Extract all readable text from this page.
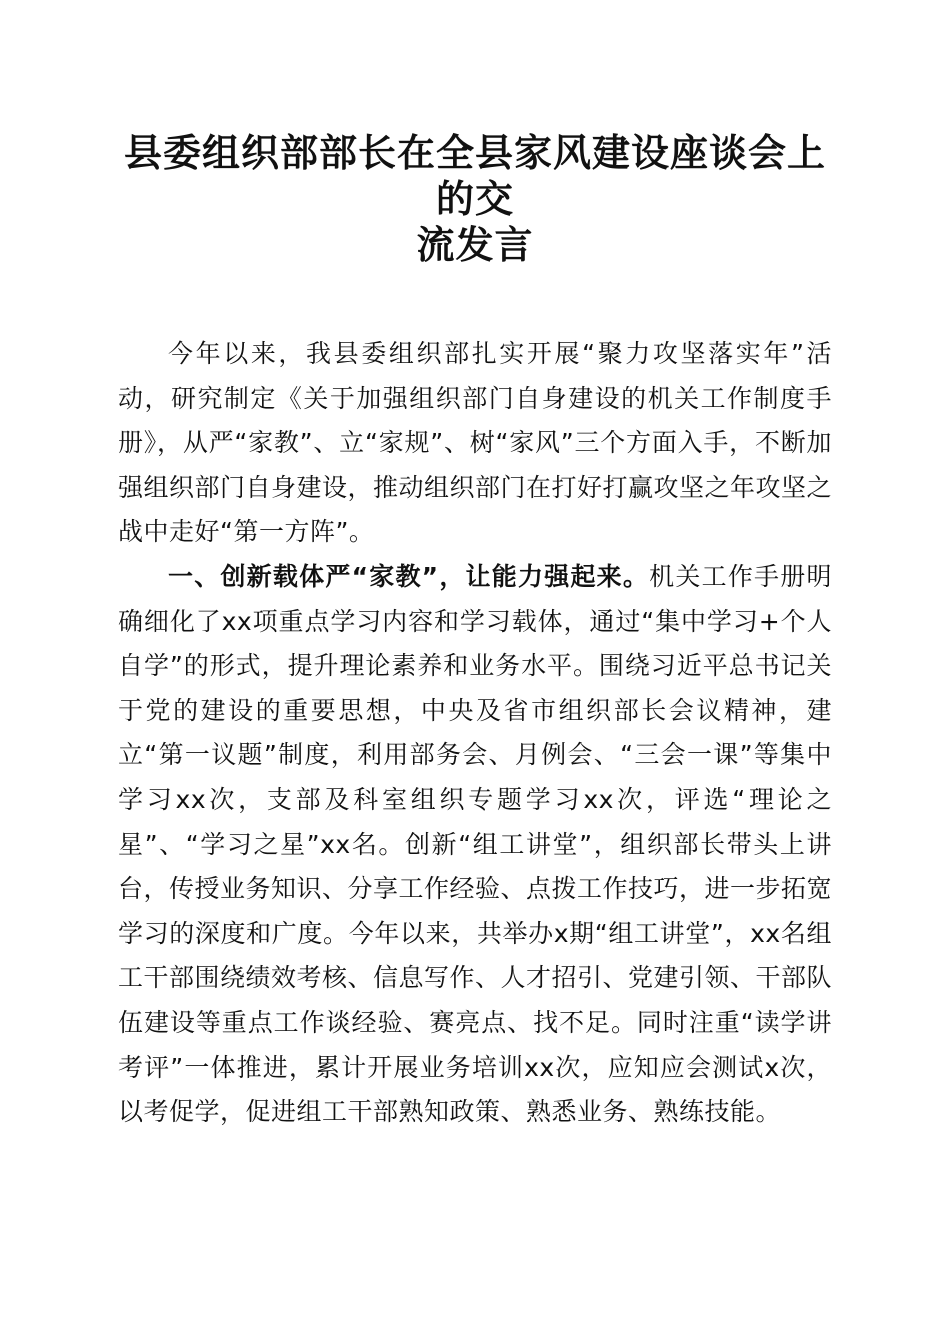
县委组织部部长在全县家风建设座谈会上的交
流发言

今年以来，我县委组织部扎实开展“聚力攻坚落实年”活动，研究制定《关于加强组织部门自身建设的机关工作制度手册》，从严“家教”、立“家规”、树“家风”三个方面入手，不断加强组织部门自身建设，推动组织部门在打好打赢攻坚之年攻坚之战中走好“第一方阵”。

一、创新载体严“家教”，让能力强起来。机关工作手册明确细化了xx项重点学习内容和学习载体，通过“集中学习+个人自学”的形式，提升理论素养和业务水平。围绕习近平总书记关于党的建设的重要思想，中央及省市组织部长会议精神，建立“第一议题”制度，利用部务会、月例会、“三会一课”等集中学习xx次，支部及科室组织专题学习xx次，评选“理论之星”、“学习之星”xx名。创新“组工讲堂”，组织部长带头上讲台，传授业务知识、分享工作经验、点拨工作技巧，进一步拓宽学习的深度和广度。今年以来，共举办x期“组工讲堂”，xx名组工干部围绕绩效考核、信息写作、人才招引、党建引领、干部队伍建设等重点工作谈经验、赛亮点、找不足。同时注重“读学讲考评”一体推进，累计开展业务培训xx次，应知应会测试x次，以考促学，促进组工干部熟知政策、熟悉业务、熟练技能。
